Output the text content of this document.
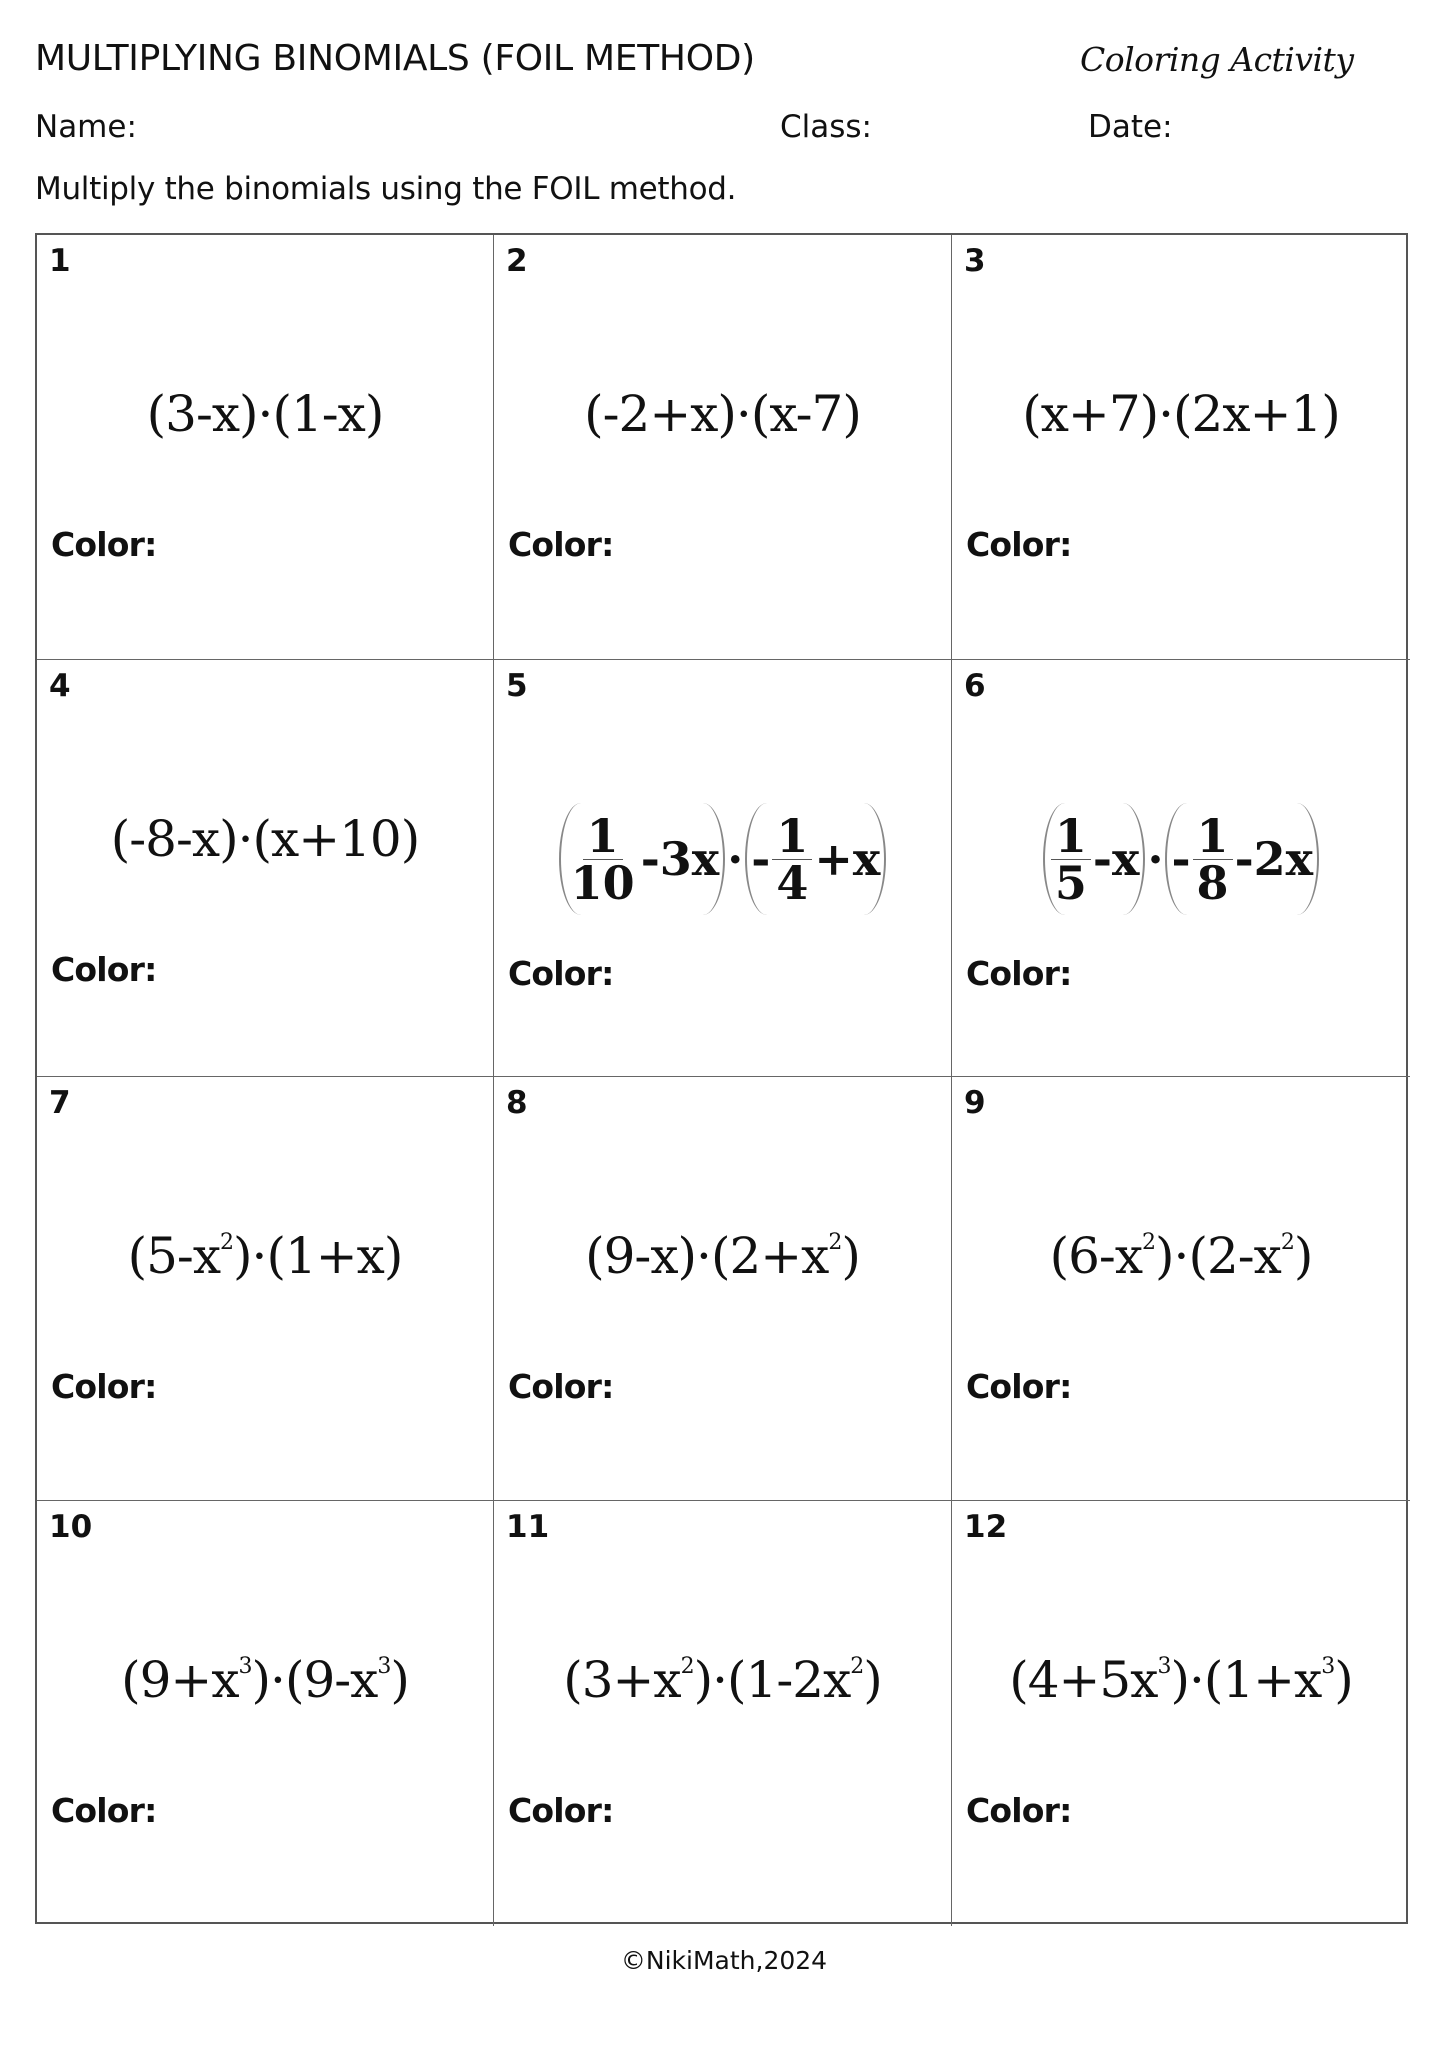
MULTIPLYING BINOMIALS (FOIL METHOD)	Coloring Activity
Name:	Class:	Date:
Multiply the binomials using the FOIL method.
1
(3-x)·(1-x)
Color:
2
(-2+x)·(x-7)
Color:
3
(x+7)·(2x+1)
Color:
4
(-8-x)·(x+10)
Color:
5
$\frac{1}{10} -3x$ · - $\frac{1}{4} +x$
Color:
6
$\frac{1}{5} -x$ · - $\frac{1}{8} -2x$
Color:
7
$(5-x^2)\cdot(1+x)$
Color:
8
$(9-x)\cdot(2+x^2)$
Color:
9
$(6-x^2)\cdot(2-x^2)$
Color:
10
$(9+x^3)\cdot(9-x^3)$
Color:
11
$(3+x^2)\cdot(1-2x^2)$
Color:
12
$(4+5x^3)\cdot(1+x^3)$
Color:
©NikiMath,2024
